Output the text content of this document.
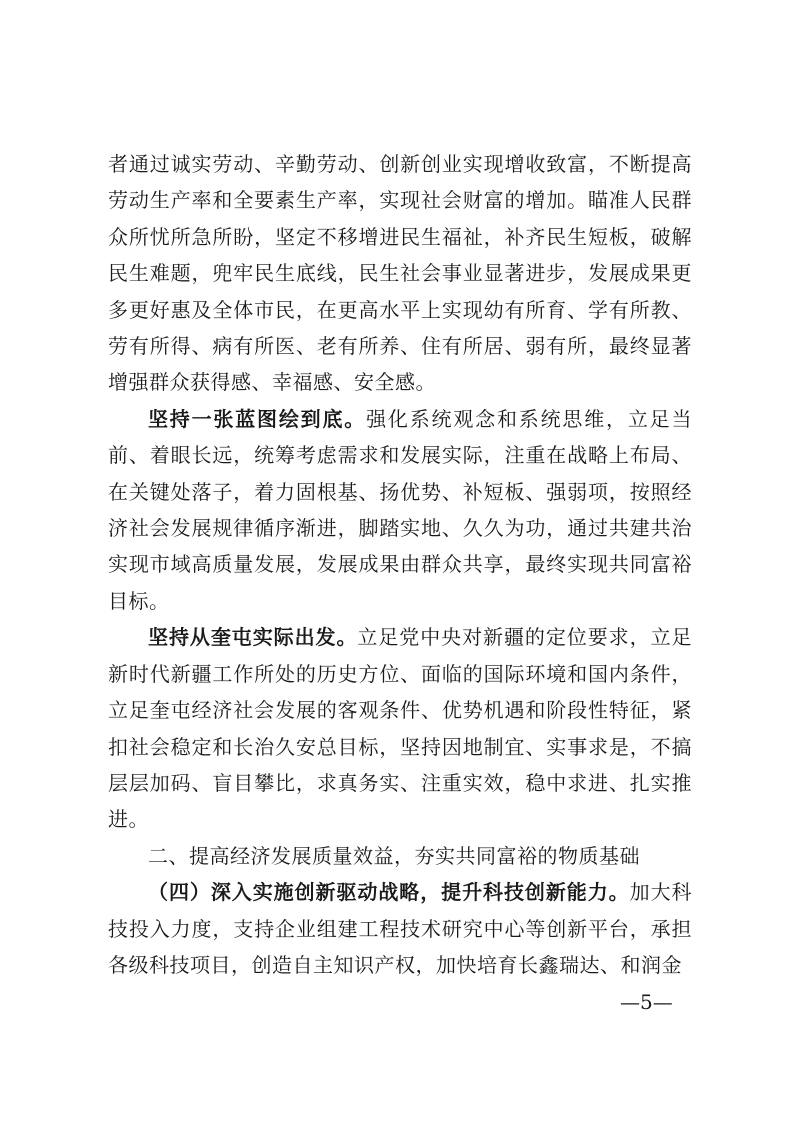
者通过诚实劳动、辛勤劳动、创新创业实现增收致富，不断提高劳动生产率和全要素生产率，实现社会财富的增加。瞄准人民群众所忧所急所盼，坚定不移增进民生福祉，补齐民生短板，破解民生难题，兜牢民生底线，民生社会事业显著进步，发展成果更多更好惠及全体市民，在更高水平上实现幼有所育、学有所教、劳有所得、病有所医、老有所养、住有所居、弱有所，最终显著增强群众获得感、幸福感、安全感。

坚持一张蓝图绘到底。强化系统观念和系统思维，立足当前、着眼长远，统筹考虑需求和发展实际，注重在战略上布局、在关键处落子，着力固根基、扬优势、补短板、强弱项，按照经济社会发展规律循序渐进，脚踏实地、久久为功，通过共建共治实现市域高质量发展，发展成果由群众共享，最终实现共同富裕目标。

坚持从奎屯实际出发。立足党中央对新疆的定位要求，立足新时代新疆工作所处的历史方位、面临的国际环境和国内条件，立足奎屯经济社会发展的客观条件、优势机遇和阶段性特征，紧扣社会稳定和长治久安总目标，坚持因地制宜、实事求是，不搞层层加码、盲目攀比，求真务实、注重实效，稳中求进、扎实推进。

二、提高经济发展质量效益，夯实共同富裕的物质基础

（四）深入实施创新驱动战略，提升科技创新能力。加大科技投入力度，支持企业组建工程技术研究中心等创新平台，承担各级科技项目，创造自主知识产权，加快培育长鑫瑞达、和润金

—5—
